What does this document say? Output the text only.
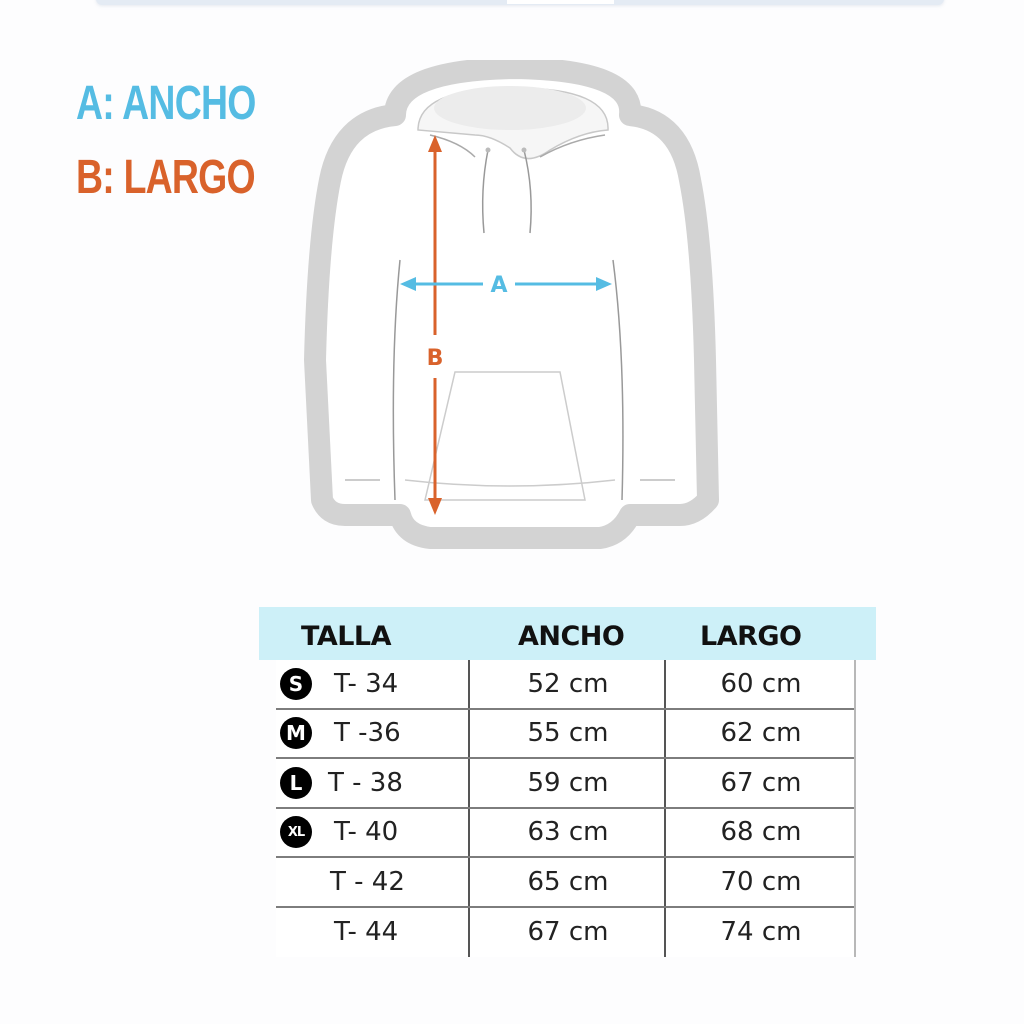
A: ANCHO
B: LARGO
B
A
TALLA	ANCHO	LARGO
S	T- 34	52 cm	60 cm
M T -36	55 cm	62 cm
L T - 38	59 cm	67 cm
XL	T- 40	63 cm	68 cm
T - 42	65 cm	70 cm
T- 44	67 cm	74 cm
